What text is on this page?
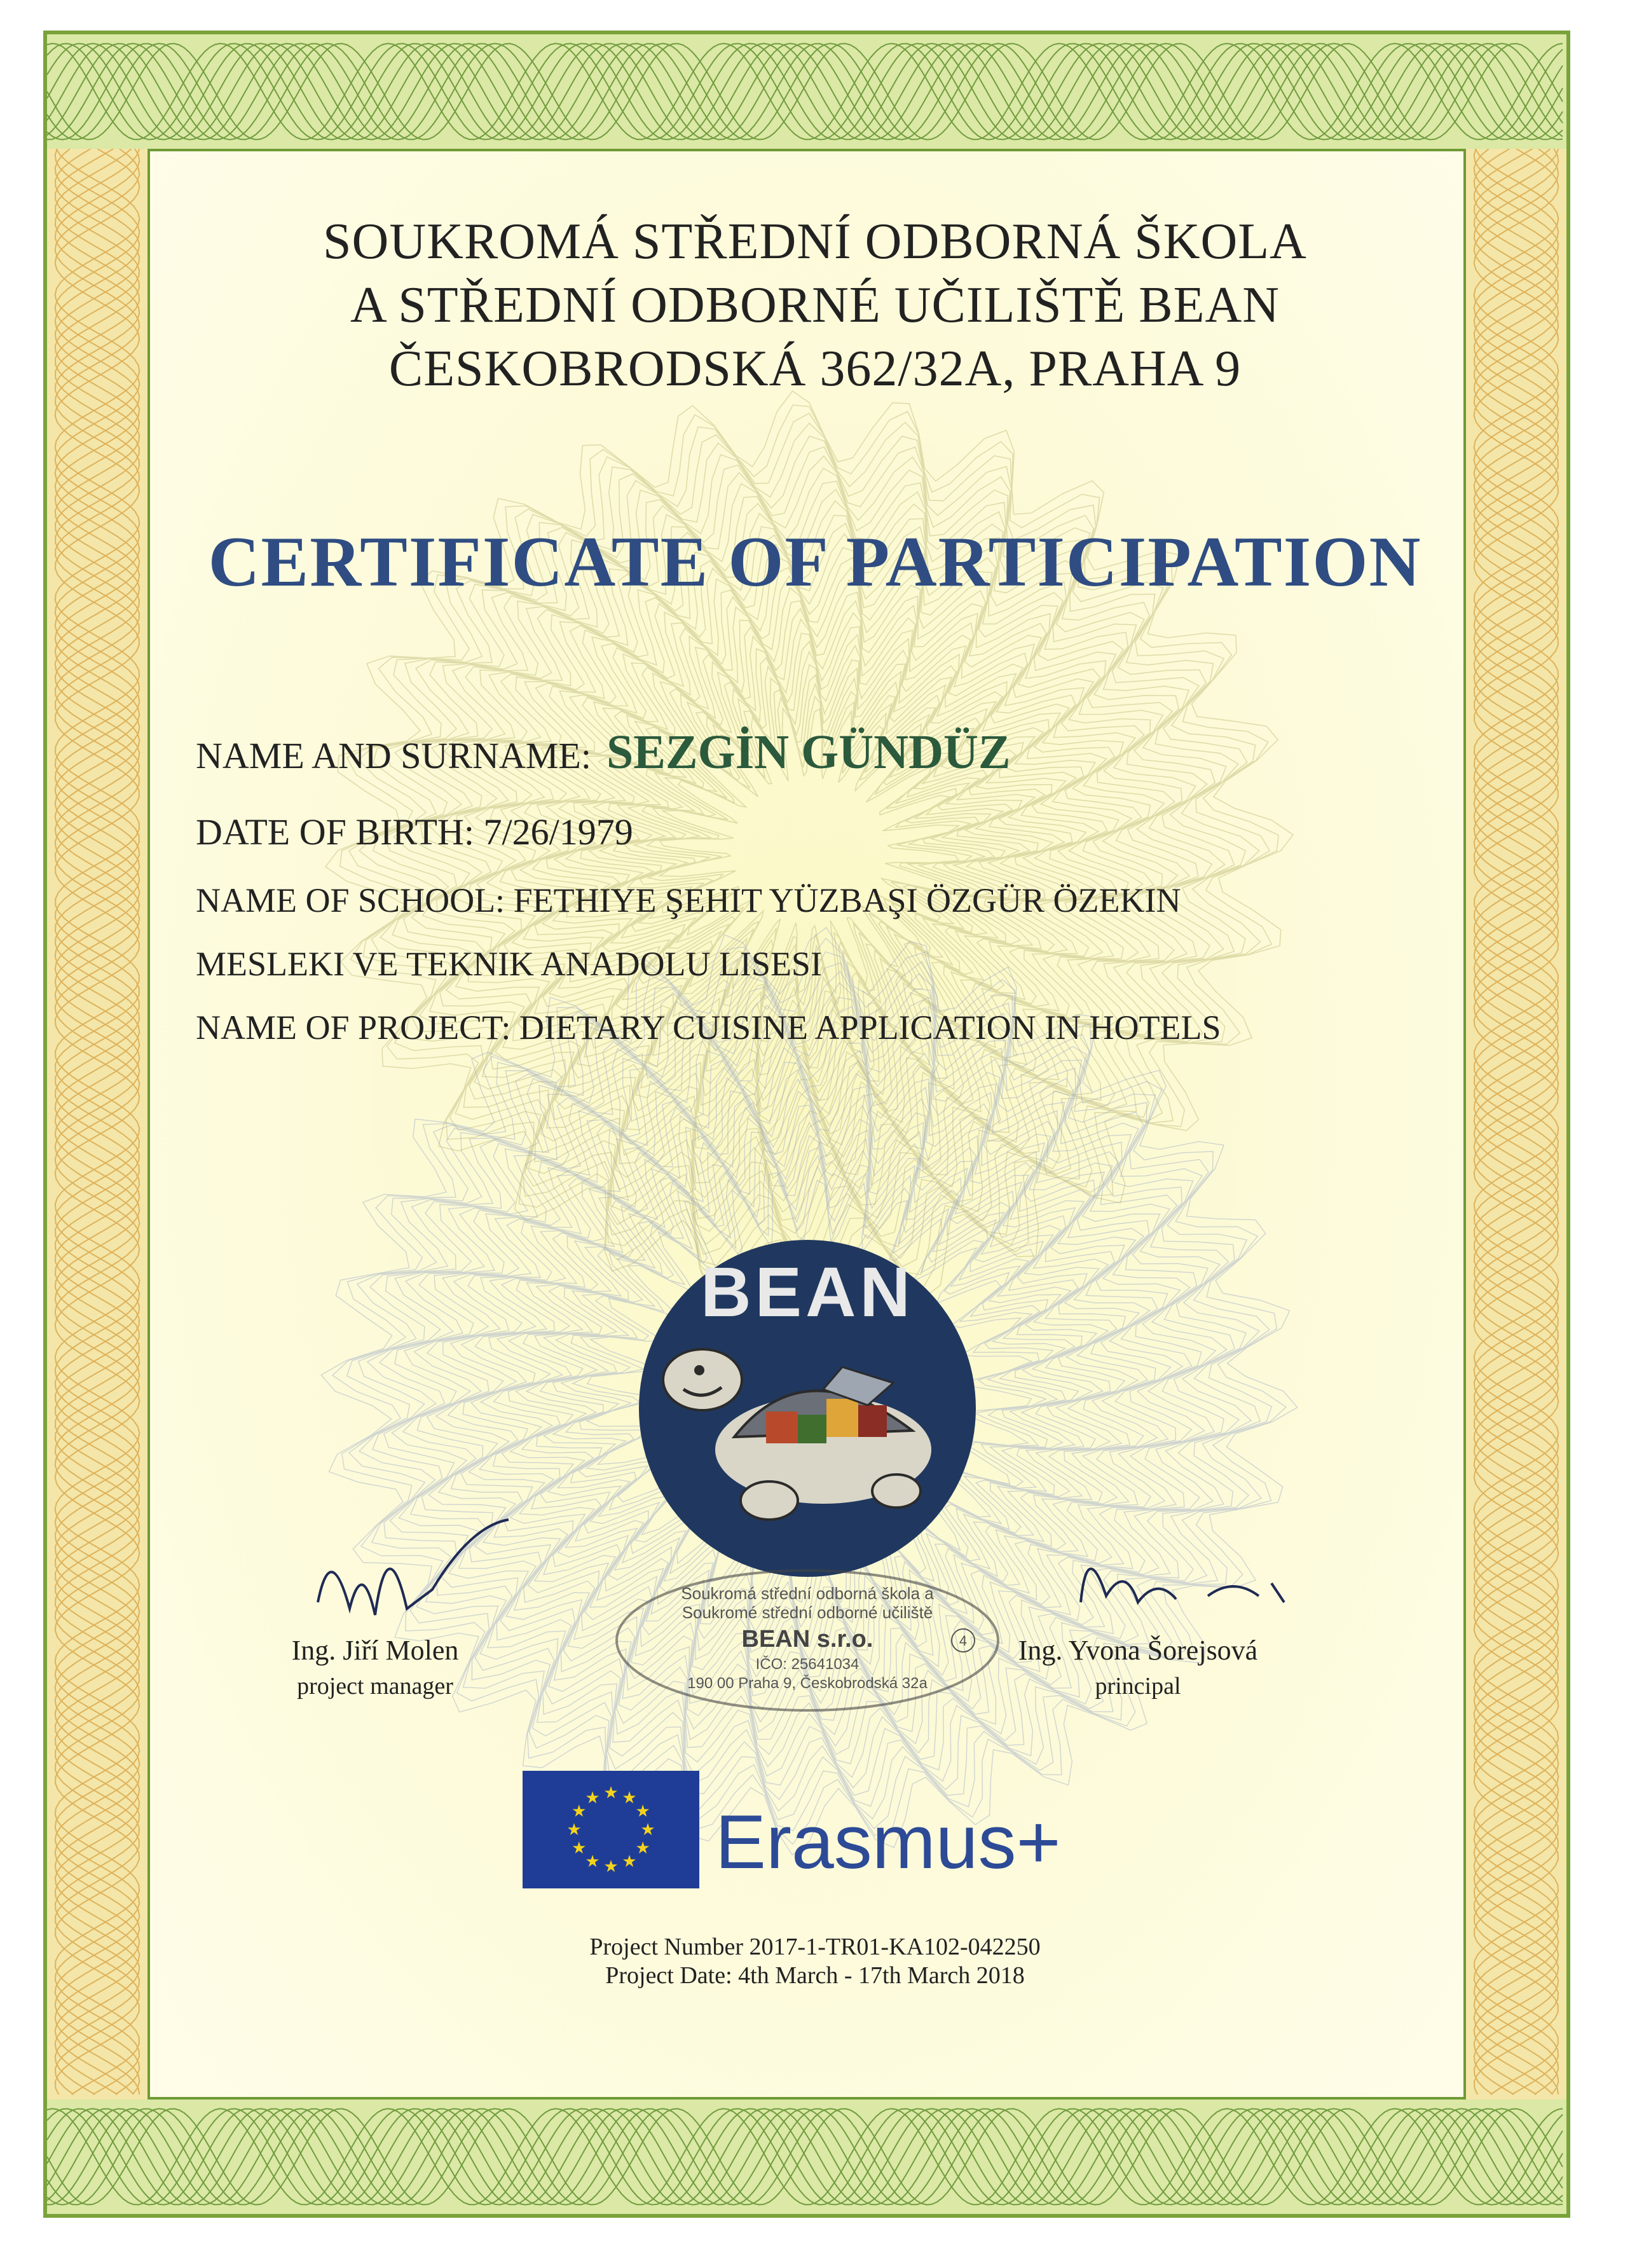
SOUKROMÁ STŘEDNÍ ODBORNÁ ŠKOLA
A STŘEDNÍ ODBORNÉ UČILIŠTĚ BEAN
ČESKOBRODSKÁ 362/32A, PRAHA 9
CERTIFICATE OF PARTICIPATION
NAME AND SURNAME: SEZGİN GÜNDÜZ
DATE OF BIRTH: 7/26/1979
NAME OF SCHOOL: FETHIYE ŞEHIT YÜZBAŞI ÖZGÜR ÖZEKIN
MESLEKI VE TEKNIK ANADOLU LISESI
NAME OF PROJECT: DIETARY CUISINE APPLICATION IN HOTELS
BEAN
Ing. Jiří Molen
project manager
Soukromá střední odborná škola a
Soukromé střední odborné učiliště
BEAN s.r.o.
IČO: 25641034
190 00 Praha 9, Českobrodská 32a
4	Ing. Yvona Šorejsová
principal
★
★
★
★
★
★
★
★
★ ★ ★
★ Erasmus+
Project Number 2017-1-TR01-KA102-042250
Project Date: 4th March - 17th March 2018
